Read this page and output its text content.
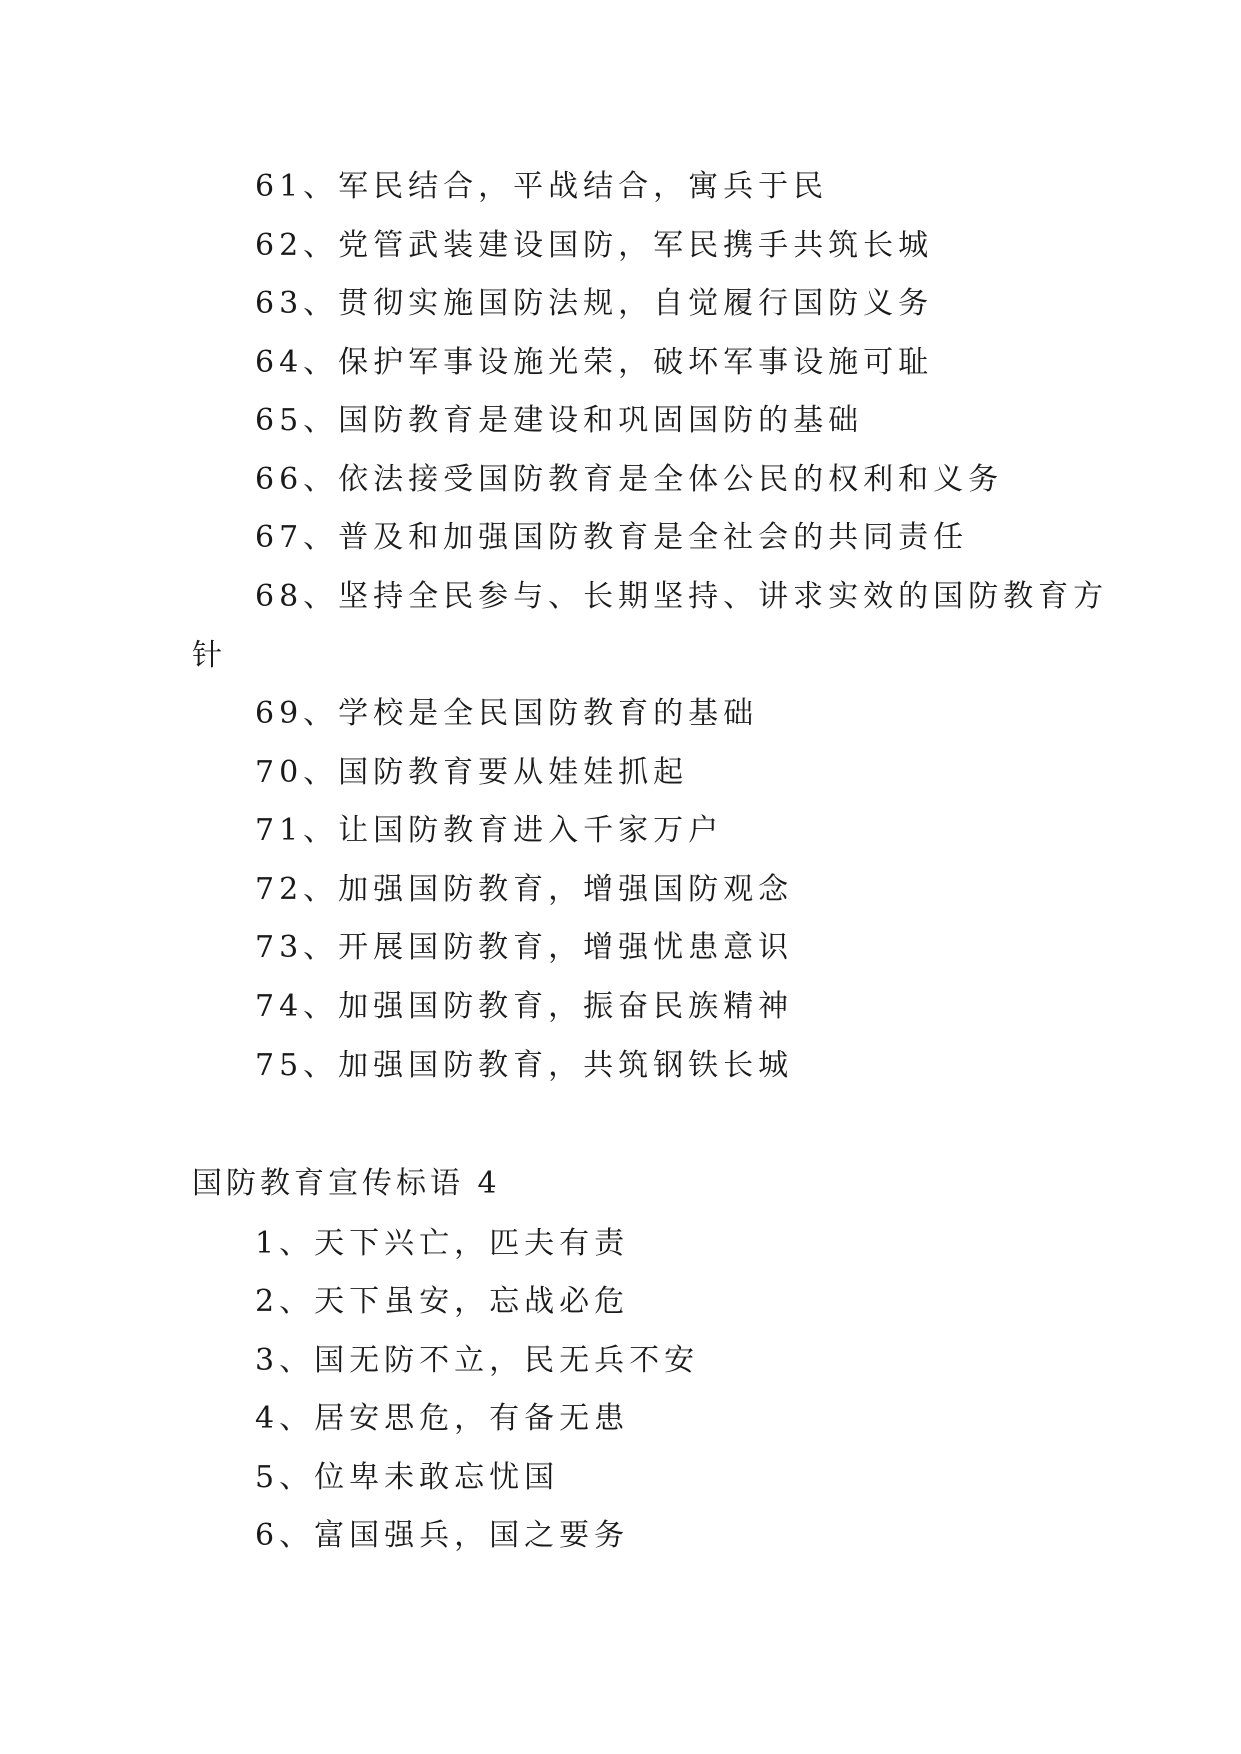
61、军民结合，平战结合，寓兵于民
62、党管武装建设国防，军民携手共筑长城
63、贯彻实施国防法规，自觉履行国防义务
64、保护军事设施光荣，破坏军事设施可耻
65、国防教育是建设和巩固国防的基础
66、依法接受国防教育是全体公民的权利和义务
67、普及和加强国防教育是全社会的共同责任
68、坚持全民参与、长期坚持、讲求实效的国防教育方
针
69、学校是全民国防教育的基础
70、国防教育要从娃娃抓起
71、让国防教育进入千家万户
72、加强国防教育，增强国防观念
73、开展国防教育，增强忧患意识
74、加强国防教育，振奋民族精神
75、加强国防教育，共筑钢铁长城
国防教育宣传标语 4
1、天下兴亡，匹夫有责
2、天下虽安，忘战必危
3、国无防不立，民无兵不安
4、居安思危，有备无患
5、位卑未敢忘忧国
6、富国强兵，国之要务
